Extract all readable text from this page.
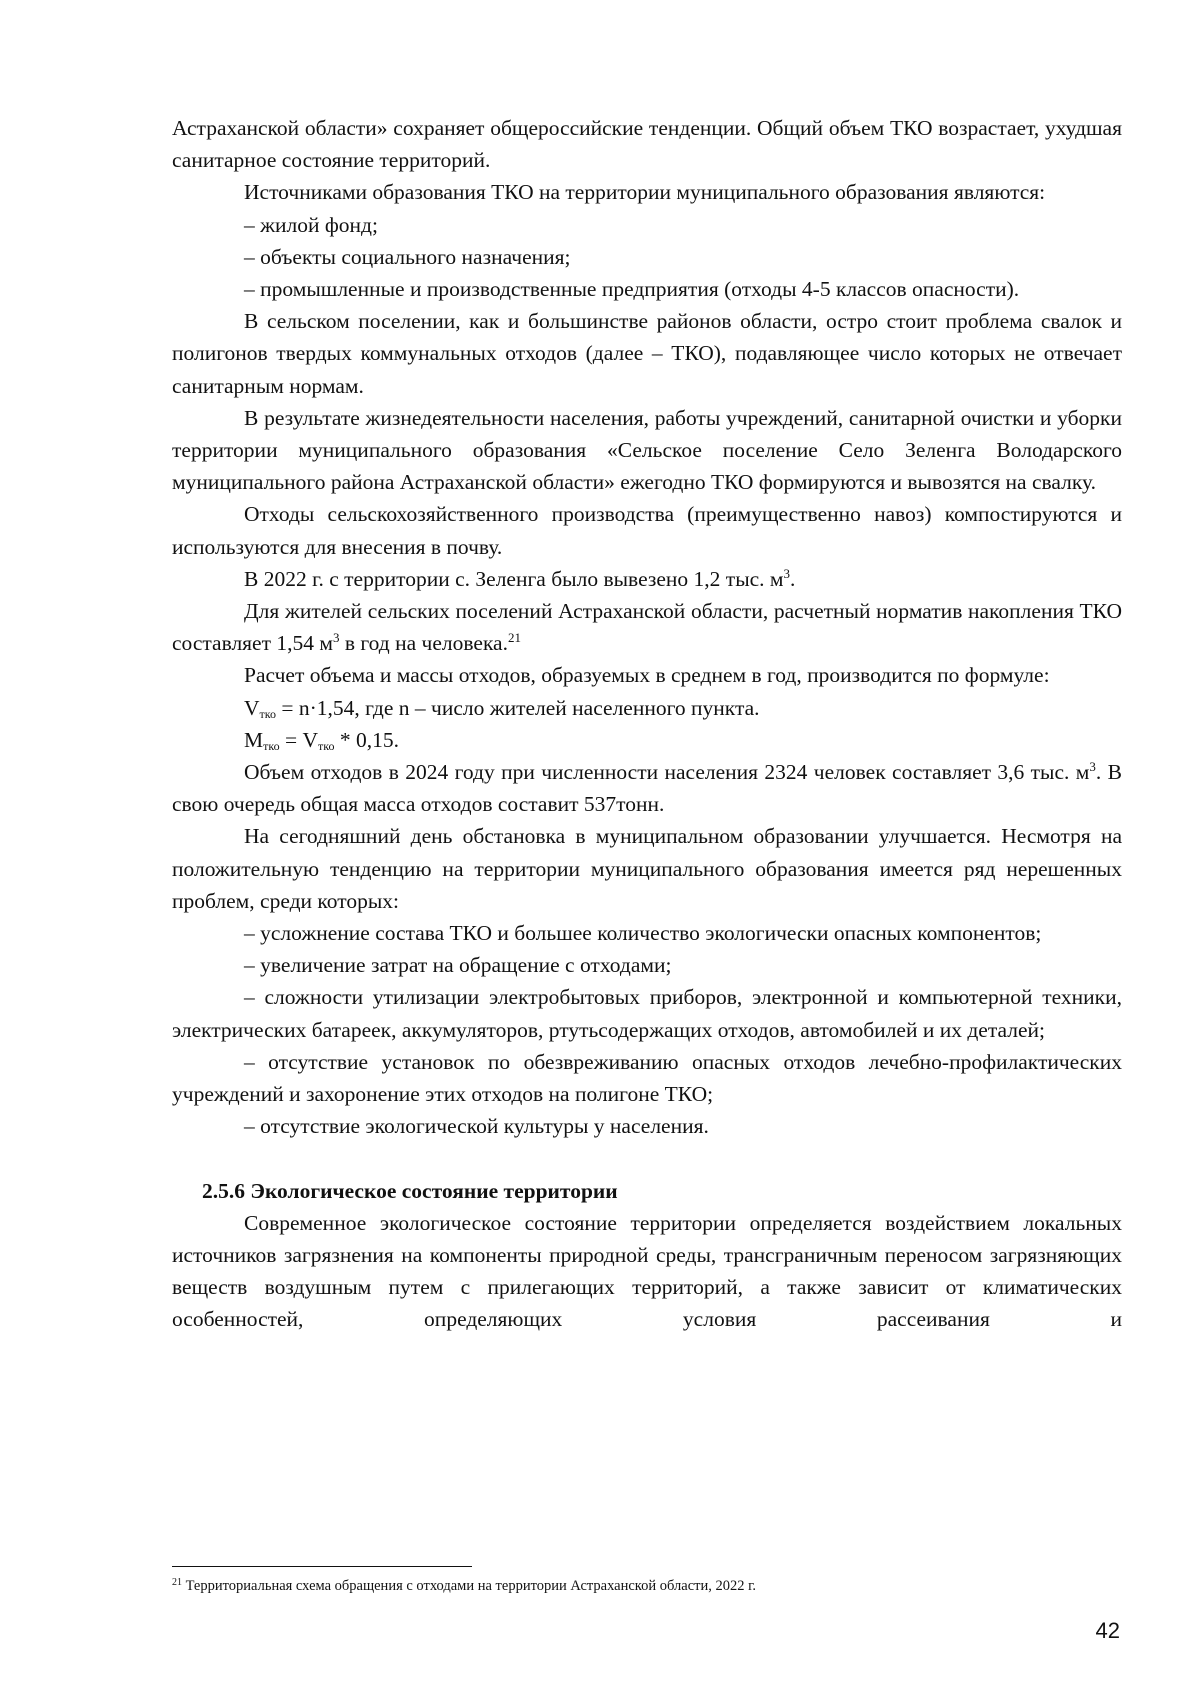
Астраханской области» сохраняет общероссийские тенденции. Общий объем ТКО возрастает, ухудшая санитарное состояние территорий.

Источниками образования ТКО на территории муниципального образования являются:

– жилой фонд;

– объекты социального назначения;

– промышленные и производственные предприятия (отходы 4-5 классов опасности).

В сельском поселении, как и большинстве районов области, остро стоит проблема свалок и полигонов твердых коммунальных отходов (далее – ТКО), подавляющее число которых не отвечает санитарным нормам.

В результате жизнедеятельности населения, работы учреждений, санитарной очистки и уборки территории муниципального образования «Сельское поселение Село Зеленга Володарского муниципального района Астраханской области» ежегодно ТКО формируются и вывозятся на свалку.

Отходы сельскохозяйственного производства (преимущественно навоз) компостируются и используются для внесения в почву.

В 2022 г. с территории с. Зеленга было вывезено 1,2 тыс. $м^3$.

Для жителей сельских поселений Астраханской области, расчетный норматив накопления ТКО составляет 1,54 $м^3$ в год на человека.$^{21}$

Расчет объема и массы отходов, образуемых в среднем в год, производится по формуле:

$V_{тко} = n\cdot 1,54$, где n – число жителей населенного пункта.

$M_{тко} = V_{тко} * 0,15$.

Объем отходов в 2024 году при численности населения 2324 человек составляет 3,6 тыс. $м^3$. В свою очередь общая масса отходов составит 537тонн.

На сегодняшний день обстановка в муниципальном образовании улучшается. Несмотря на положительную тенденцию на территории муниципального образования имеется ряд нерешенных проблем, среди которых:

– усложнение состава ТКО и большее количество экологически опасных компонентов;

– увеличение затрат на обращение с отходами;

– сложности утилизации электробытовых приборов, электронной и компьютерной техники, электрических батареек, аккумуляторов, ртутьсодержащих отходов, автомобилей и их деталей;

– отсутствие установок по обезвреживанию опасных отходов лечебно-профилактических учреждений и захоронение этих отходов на полигоне ТКО;

– отсутствие экологической культуры у населения.

2.5.6 Экологическое состояние территории

Современное экологическое состояние территории определяется воздействием локальных источников загрязнения на компоненты природной среды, трансграничным переносом загрязняющих веществ воздушным путем с прилегающих территорий, а также зависит от климатических особенностей, определяющих условия рассеивания и

$^{21}$ Территориальная схема обращения с отходами на территории Астраханской области, 2022 г.
42
